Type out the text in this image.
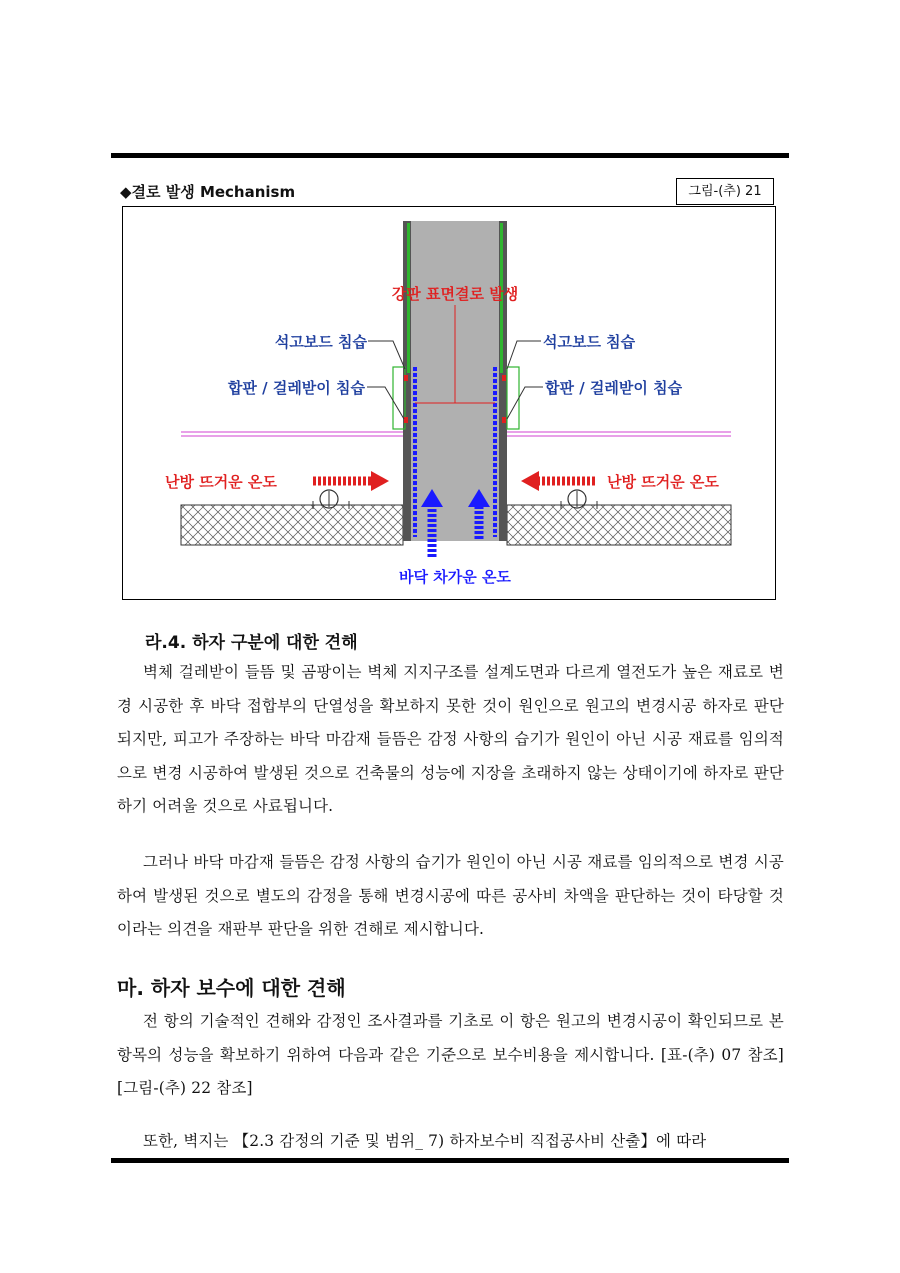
◆결로 발생 Mechanism	그림-(추) 21
강판 표면결로 발생
석고보드 침습	석고보드 침습
합판 / 걸레받이 침습	합판 / 걸레받이 침습
난방 뜨거운 온도	난방 뜨거운 온도
바닥 차가운 온도
라.4. 하자 구분에 대한 견해

벽체 걸레받이 들뜸 및 곰팡이는 벽체 지지구조를 설계도면과 다르게 열전도가 높은 재료로 변경 시공한 후 바닥 접합부의 단열성을 확보하지 못한 것이 원인으로 원고의 변경시공 하자로 판단되지만, 피고가 주장하는 바닥 마감재 들뜸은 감정 사항의 습기가 원인이 아닌 시공 재료를 임의적으로 변경 시공하여 발생된 것으로 건축물의 성능에 지장을 초래하지 않는 상태이기에 하자로 판단하기 어려울 것으로 사료됩니다.

그러나 바닥 마감재 들뜸은 감정 사항의 습기가 원인이 아닌 시공 재료를 임의적으로 변경 시공하여 발생된 것으로 별도의 감정을 통해 변경시공에 따른 공사비 차액을 판단하는 것이 타당할 것이라는 의견을 재판부 판단을 위한 견해로 제시합니다.

마. 하자 보수에 대한 견해

전 항의 기술적인 견해와 감정인 조사결과를 기초로 이 항은 원고의 변경시공이 확인되므로 본 항목의 성능을 확보하기 위하여 다음과 같은 기준으로 보수비용을 제시합니다. [표-(추) 07 참조][그림-(추) 22 참조]

또한, 벽지는 【2.3 감정의 기준 및 범위_ 7) 하자보수비 직접공사비 산출】에 따라
